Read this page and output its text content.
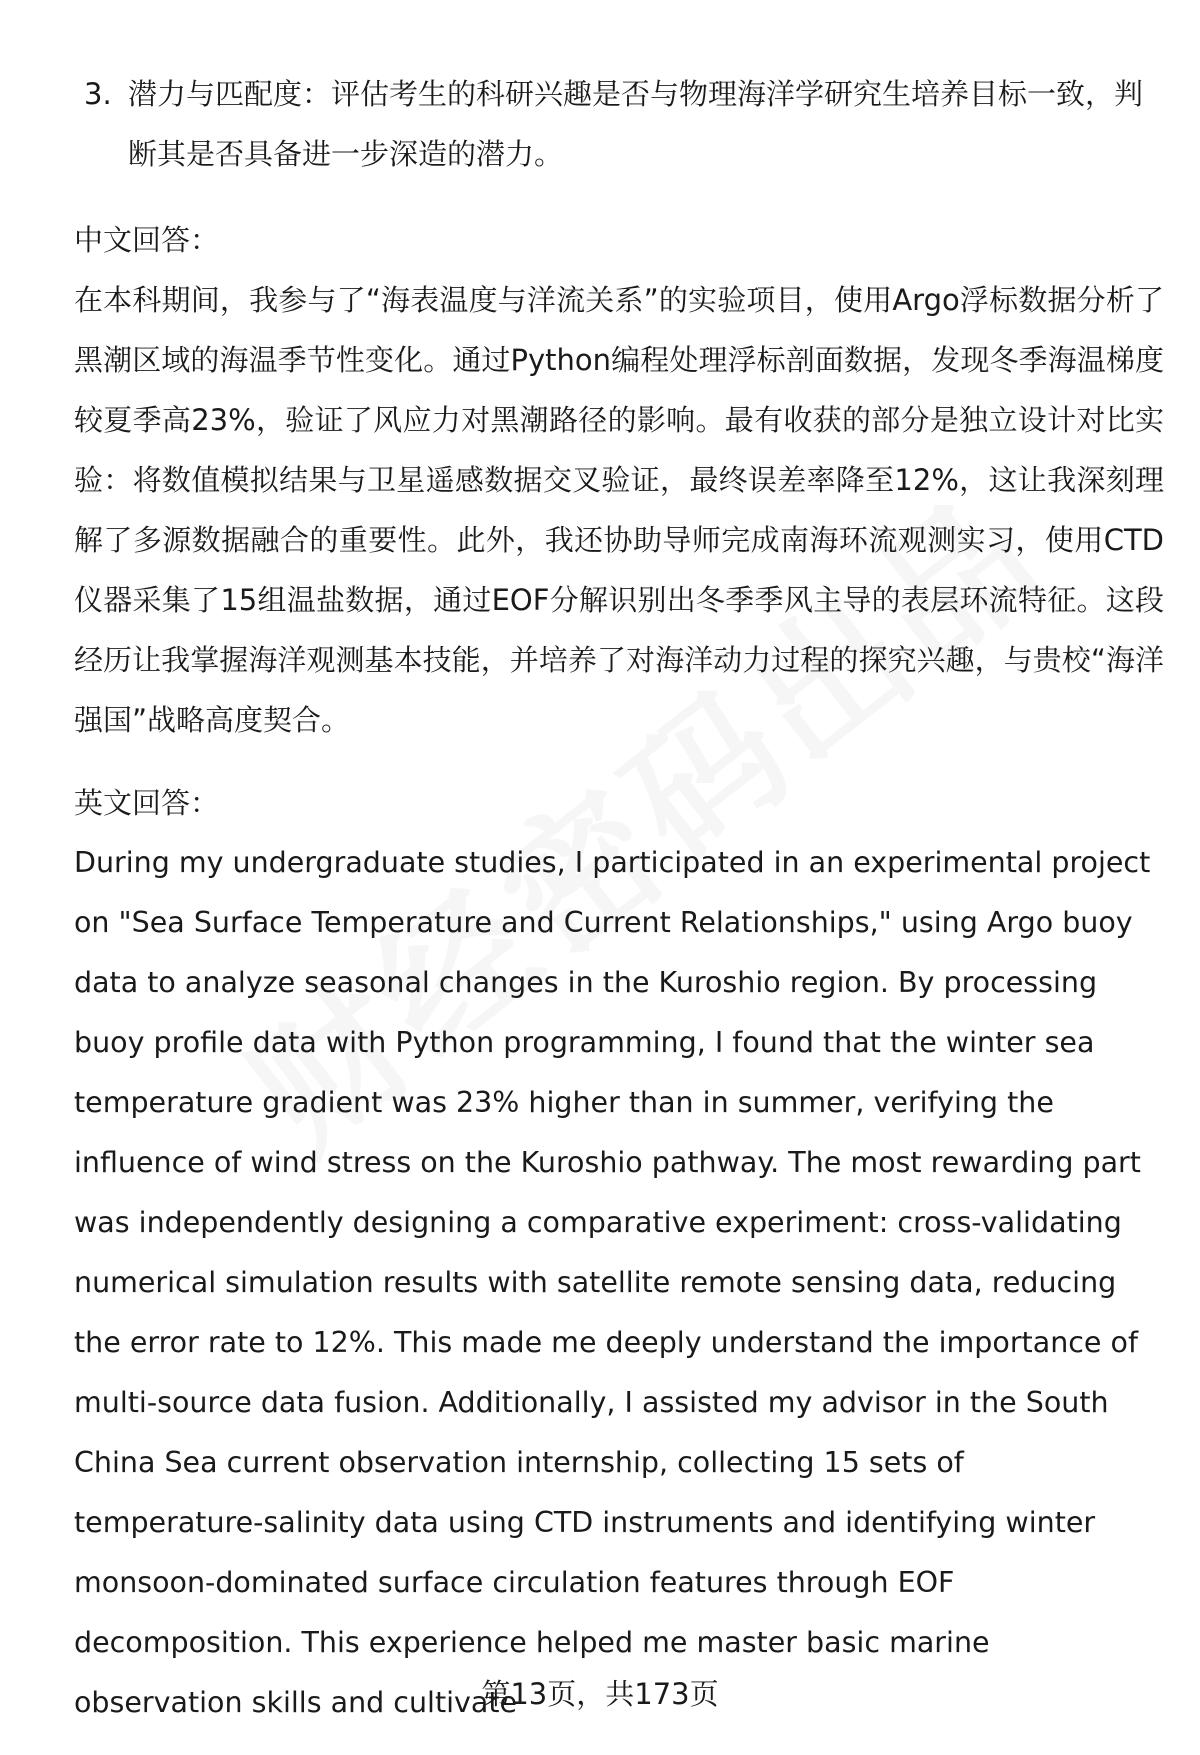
3. 潜力与匹配度：评估考生的科研兴趣是否与物理海洋学研究生培养目标一致，判断其是否具备进一步深造的潜力。
中文回答：
在本科期间，我参与了“海表温度与洋流关系”的实验项目，使用Argo浮标数据分析了黑潮区域的海温季节性变化。通过Python编程处理浮标剖面数据，发现冬季海温梯度较夏季高23%，验证了风应力对黑潮路径的影响。最有收获的部分是独立设计对比实验：将数值模拟结果与卫星遥感数据交叉验证，最终误差率降至12%，这让我深刻理解了多源数据融合的重要性。此外，我还协助导师完成南海环流观测实习，使用CTD仪器采集了15组温盐数据，通过EOF分解识别出冬季季风主导的表层环流特征。这段经历让我掌握海洋观测基本技能，并培养了对海洋动力过程的探究兴趣，与贵校“海洋强国”战略高度契合。
英文回答：
During my undergraduate studies, I participated in an experimental project on "Sea Surface Temperature and Current Relationships," using Argo buoy data to analyze seasonal changes in the Kuroshio region. By processing buoy profile data with Python programming, I found that the winter sea temperature gradient was 23% higher than in summer, verifying the influence of wind stress on the Kuroshio pathway. The most rewarding part was independently designing a comparative experiment: cross-validating numerical simulation results with satellite remote sensing data, reducing the error rate to 12%. This made me deeply understand the importance of multi-source data fusion. Additionally, I assisted my advisor in the South China Sea current observation internship, collecting 15 sets of temperature-salinity data using CTD instruments and identifying winter monsoon-dominated surface circulation features through EOF decomposition. This experience helped me master basic marine observation skills and cultivate
第13页，共173页
